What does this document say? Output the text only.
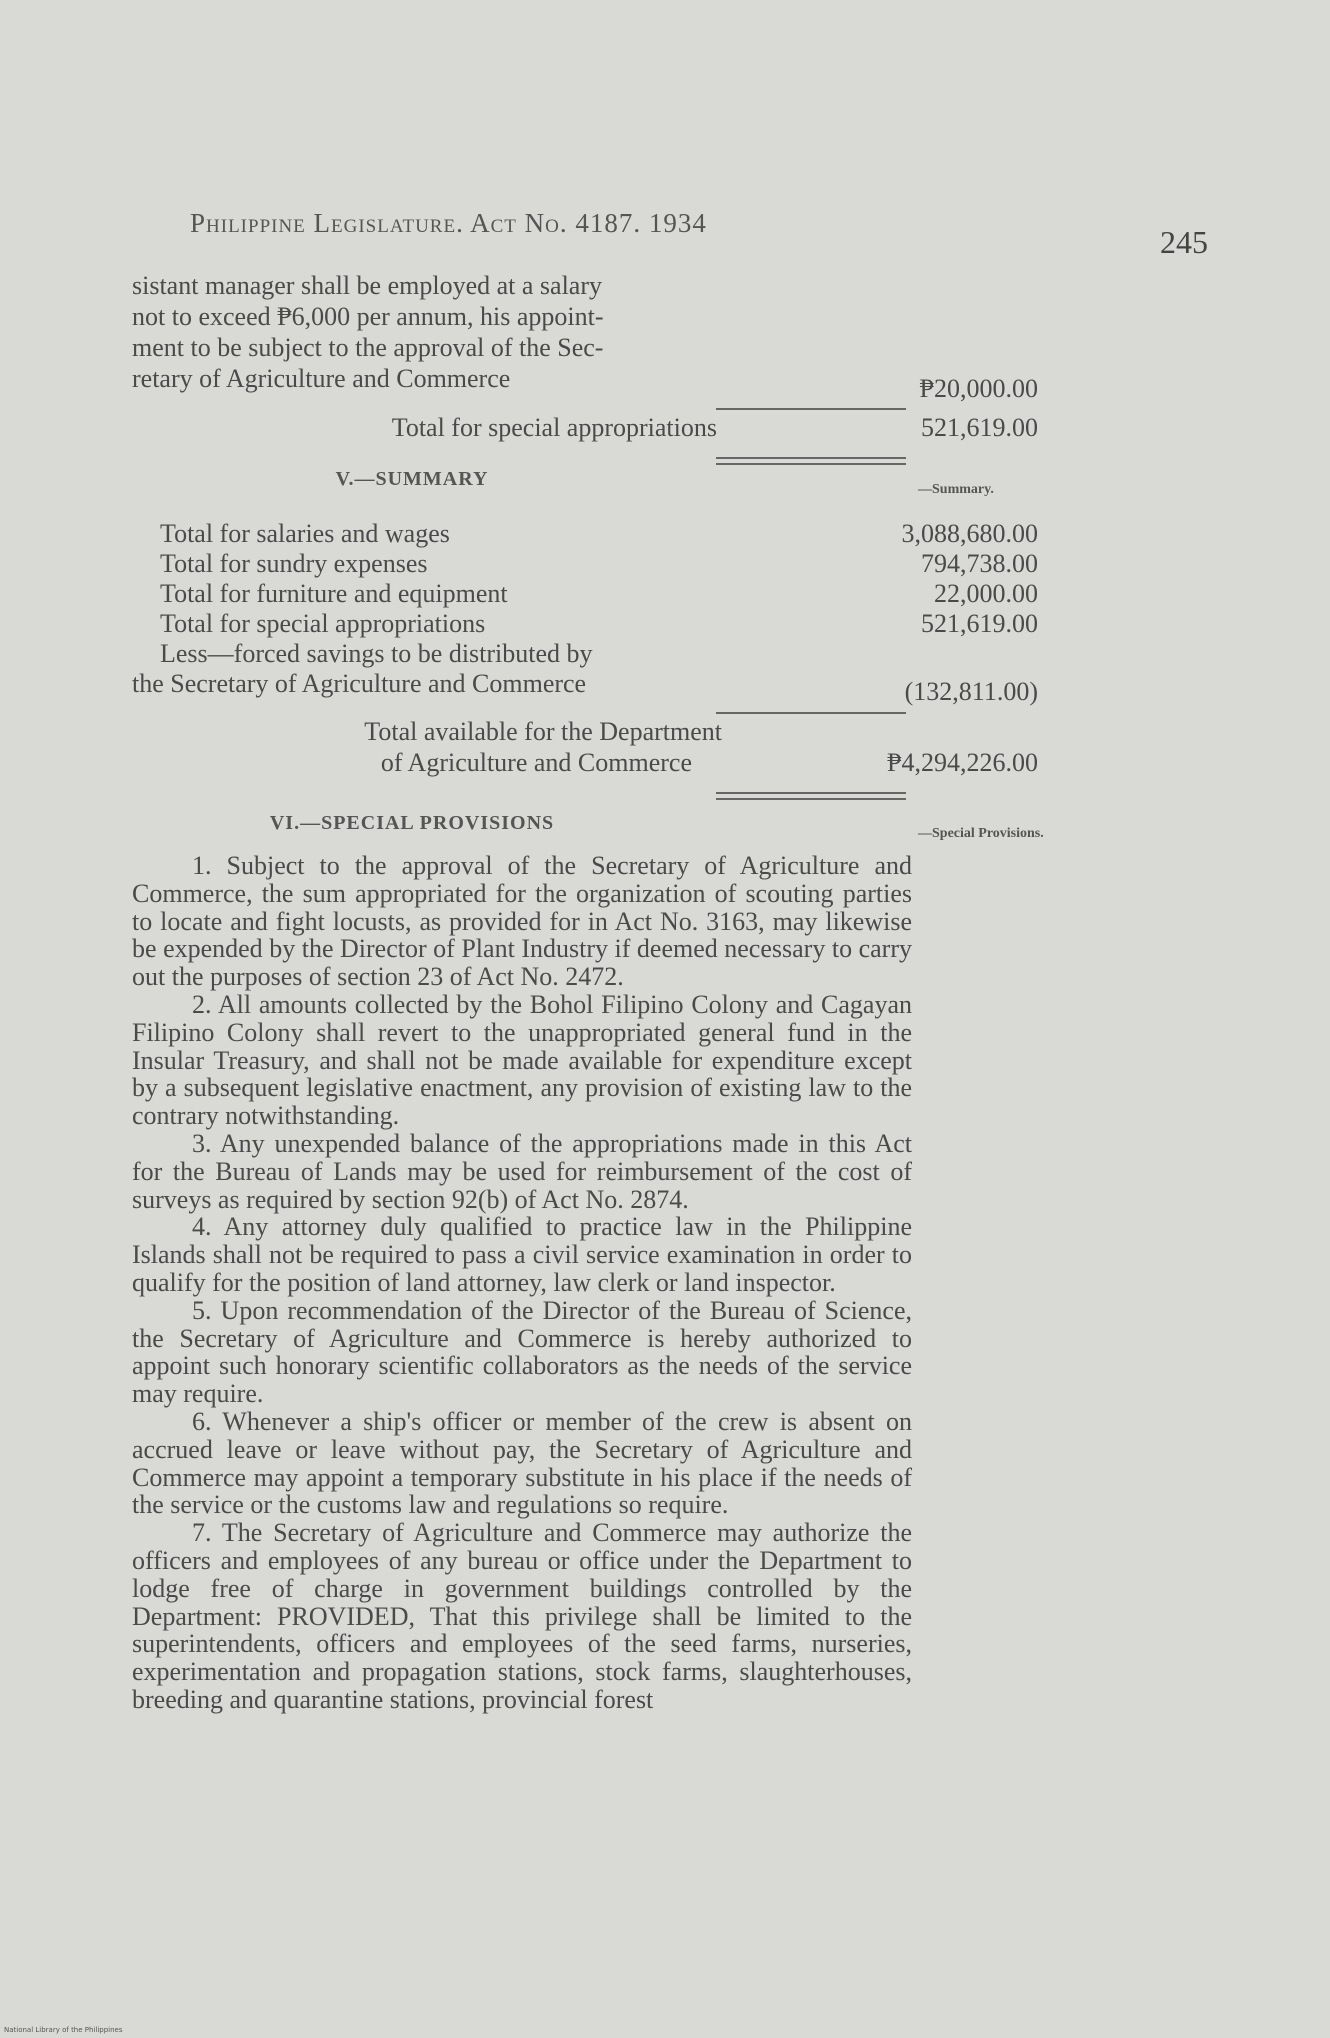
Philippine Legislature. Act No. 4187. 1934
245
sistant manager shall be employed at a salary
not to exceed ₱6,000 per annum, his appoint-
ment to be subject to the approval of the Sec-
retary of Agriculture and Commerce	₱20,000.00
Total for special appropriations	521,619.00
V.—SUMMARY	—Summary.
Total for salaries and wages	3,088,680.00
Total for sundry expenses	794,738.00
Total for furniture and equipment	22,000.00
Total for special appropriations	521,619.00
Less—forced savings to be distributed by
the Secretary of Agriculture and Commerce	(132,811.00)
Total available for the Department
of Agriculture and Commerce	₱4,294,226.00
VI.—SPECIAL PROVISIONS	—Special Provisions.

1. Subject to the approval of the Secretary of Agriculture and Commerce, the sum appropriated for the organization of scouting parties to locate and fight locusts, as provided for in Act No. 3163, may likewise be expended by the Director of Plant Industry if deemed necessary to carry out the purposes of section 23 of Act No. 2472.

2. All amounts collected by the Bohol Filipino Colony and Cagayan Filipino Colony shall revert to the unappropriated general fund in the Insular Treasury, and shall not be made available for expenditure except by a subsequent legislative enactment, any provision of existing law to the contrary notwithstanding.

3. Any unexpended balance of the appropriations made in this Act for the Bureau of Lands may be used for reimbursement of the cost of surveys as required by section 92(b) of Act No. 2874.

4. Any attorney duly qualified to practice law in the Philippine Islands shall not be required to pass a civil service examination in order to qualify for the position of land attorney, law clerk or land inspector.

5. Upon recommendation of the Director of the Bureau of Science, the Secretary of Agriculture and Commerce is hereby authorized to appoint such honorary scientific collaborators as the needs of the service may require.

6. Whenever a ship's officer or member of the crew is absent on accrued leave or leave without pay, the Secretary of Agriculture and Commerce may appoint a temporary substitute in his place if the needs of the service or the customs law and regulations so require.

7. The Secretary of Agriculture and Commerce may authorize the officers and employees of any bureau or office under the Department to lodge free of charge in government buildings controlled by the Department: PROVIDED, That this privilege shall be limited to the superintendents, officers and employees of the seed farms, nurseries, experimentation and propagation stations, stock farms, slaughterhouses, breeding and quarantine stations, provincial forest

National Library of the Philippines
